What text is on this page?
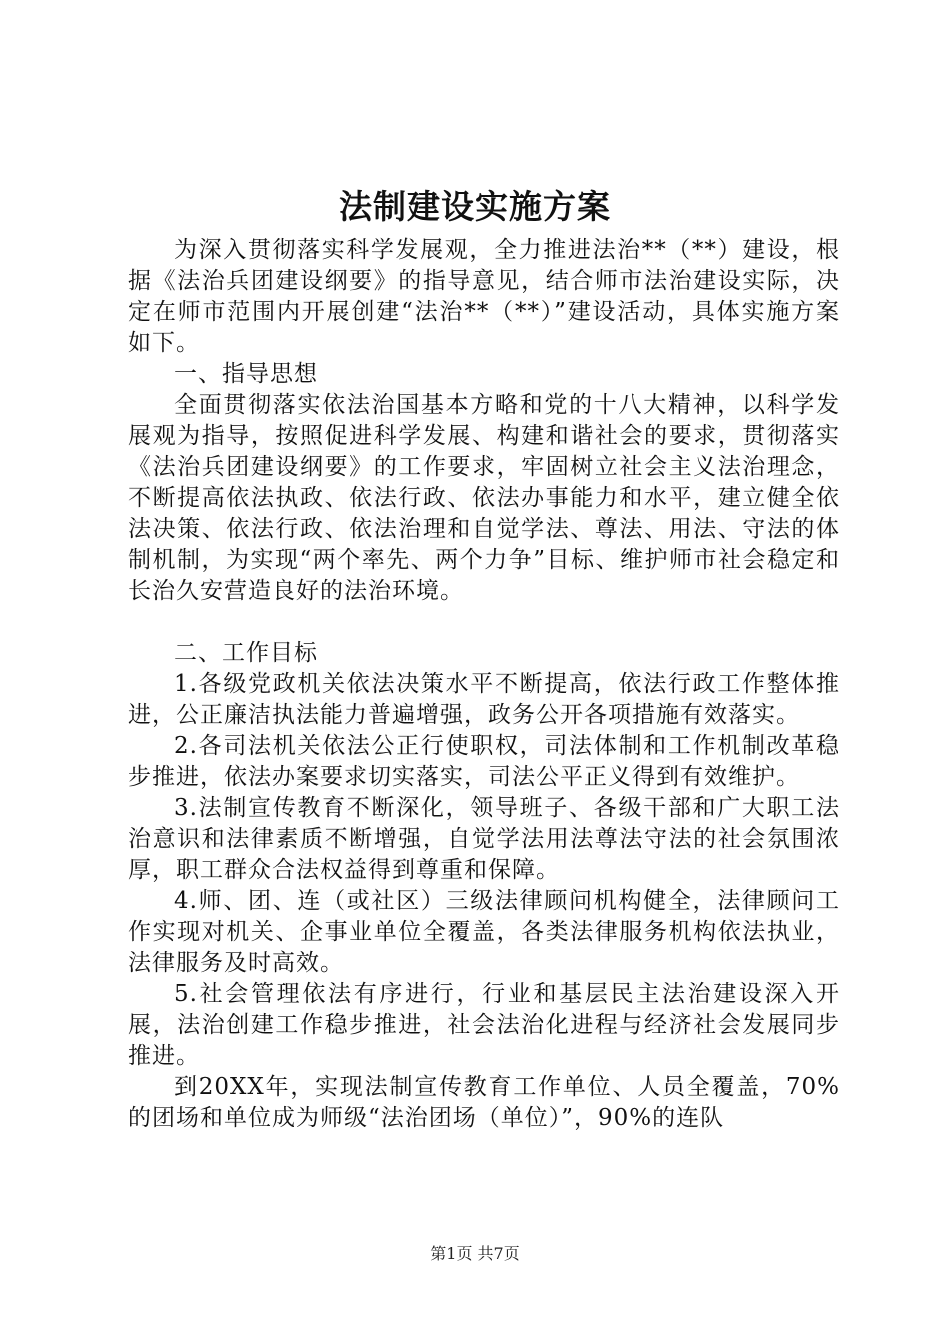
法制建设实施方案

为深入贯彻落实科学发展观，全力推进法治**（**）建设，根据《法治兵团建设纲要》的指导意见，结合师市法治建设实际，决定在师市范围内开展创建“法治**（**）”建设活动，具体实施方案如下。

一、指导思想

全面贯彻落实依法治国基本方略和党的十八大精神，以科学发展观为指导，按照促进科学发展、构建和谐社会的要求，贯彻落实《法治兵团建设纲要》的工作要求，牢固树立社会主义法治理念，不断提高依法执政、依法行政、依法办事能力和水平，建立健全依法决策、依法行政、依法治理和自觉学法、尊法、用法、守法的体制机制，为实现“两个率先、两个力争”目标、维护师市社会稳定和长治久安营造良好的法治环境。

二、工作目标

1.各级党政机关依法决策水平不断提高，依法行政工作整体推进，公正廉洁执法能力普遍增强，政务公开各项措施有效落实。

2.各司法机关依法公正行使职权，司法体制和工作机制改革稳步推进，依法办案要求切实落实，司法公平正义得到有效维护。

3.法制宣传教育不断深化，领导班子、各级干部和广大职工法治意识和法律素质不断增强，自觉学法用法尊法守法的社会氛围浓厚，职工群众合法权益得到尊重和保障。

4.师、团、连（或社区）三级法律顾问机构健全，法律顾问工作实现对机关、企事业单位全覆盖，各类法律服务机构依法执业，法律服务及时高效。

5.社会管理依法有序进行，行业和基层民主法治建设深入开展，法治创建工作稳步推进，社会法治化进程与经济社会发展同步推进。

到20XX年，实现法制宣传教育工作单位、人员全覆盖，70%的团场和单位成为师级“法治团场（单位）”，90%的连队

第1页 共7页
